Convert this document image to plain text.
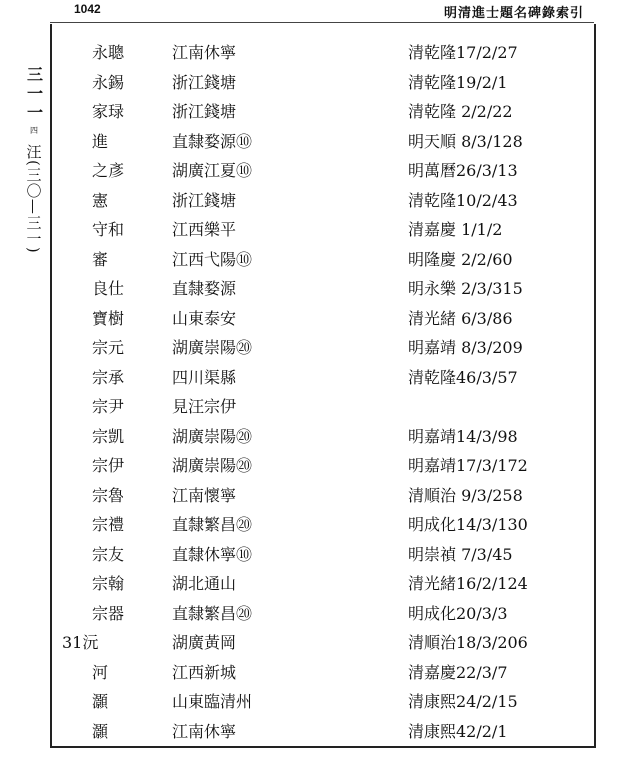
1042	明清進士題名碑錄索引
三一一
四
汪(三〇—三一)
永聰	江南休寧	清乾隆17/2/27
永錫	浙江錢塘	清乾隆19/2/1
家琭	浙江錢塘	清乾隆 2/2/22
進	直隸婺源⑩	明天順 8/3/128
之彥	湖廣江夏⑩	明萬曆26/3/13
憲	浙江錢塘	清乾隆10/2/43
守和	江西樂平	清嘉慶 1/1/2
審	江西弋陽⑩	明隆慶 2/2/60
良仕	直隸婺源	明永樂 2/3/315
寶樹	山東泰安	清光緒 6/3/86
宗元	湖廣崇陽⑳	明嘉靖 8/3/209
宗承	四川渠縣	清乾隆46/3/57
宗尹	見汪宗伊
宗凱	湖廣崇陽⑳	明嘉靖14/3/98
宗伊	湖廣崇陽⑳	明嘉靖17/3/172
宗魯	江南懷寧	清順治 9/3/258
宗禮	直隸繁昌⑳	明成化14/3/130
宗友	直隸休寧⑩	明崇禎 7/3/45
宗翰	湖北通山	清光緒16/2/124
宗器	直隸繁昌⑳	明成化20/3/3
31沅	湖廣黃岡	清順治18/3/206
河	江西新城	清嘉慶22/3/7
灝	山東臨清州	清康熙24/2/15
灝	江南休寧	清康熙42/2/1
